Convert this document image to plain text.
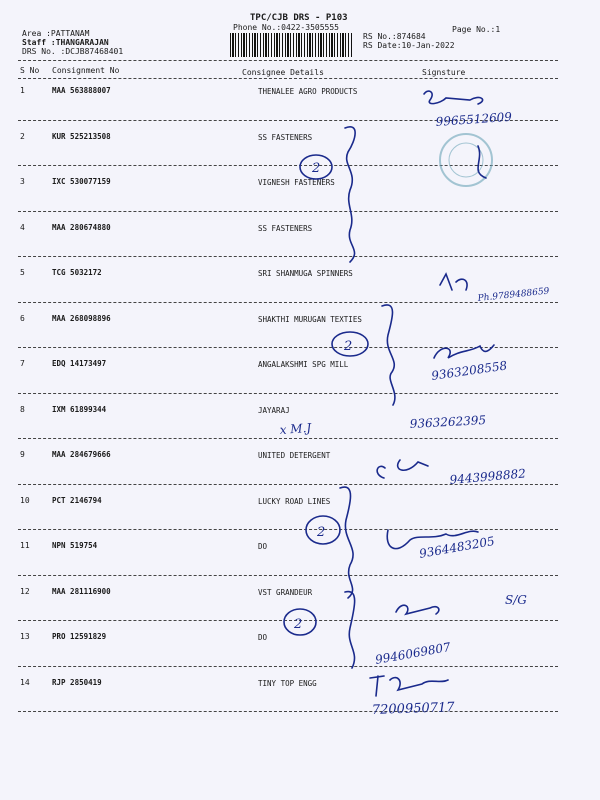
TPC/CJB DRS - P103
Phone No.:0422-3505555	Page No.:1
Area :PATTANAM
Staff :THANGARAJAN
DRS No. :DCJB87468401
RS No.:874684
RS Date:10-Jan-2022
S No Consignment No	Consignee Details	Signsture
1	MAA 563888007	THENALEE AGRO PRODUCTS
2	KUR 525213508	SS FASTENERS
3	IXC 530077159	VIGNESH FASTENERS
4	MAA 280674880	SS FASTENERS
5	TCG 5032172	SRI SHANMUGA SPINNERS
6	MAA 268098896	SHAKTHI MURUGAN TEXTIES
7	EDQ 14173497	ANGALAKSHMI SPG MILL
8	IXM 61899344	JAYARAJ
9	MAA 284679666	UNITED DETERGENT
10	PCT 2146794	LUCKY ROAD LINES
11	NPN 519754	DO
12	MAA 281116900	VST GRANDEUR
13	PRO 12591829	DO
14	RJP 2850419	TINY TOP ENGG
2
2
2
2
9965512609
Ph.9789488659
9363208558
x M.J	9363262395
9443998882
9364483205
S/G
9946069807
7200950717
